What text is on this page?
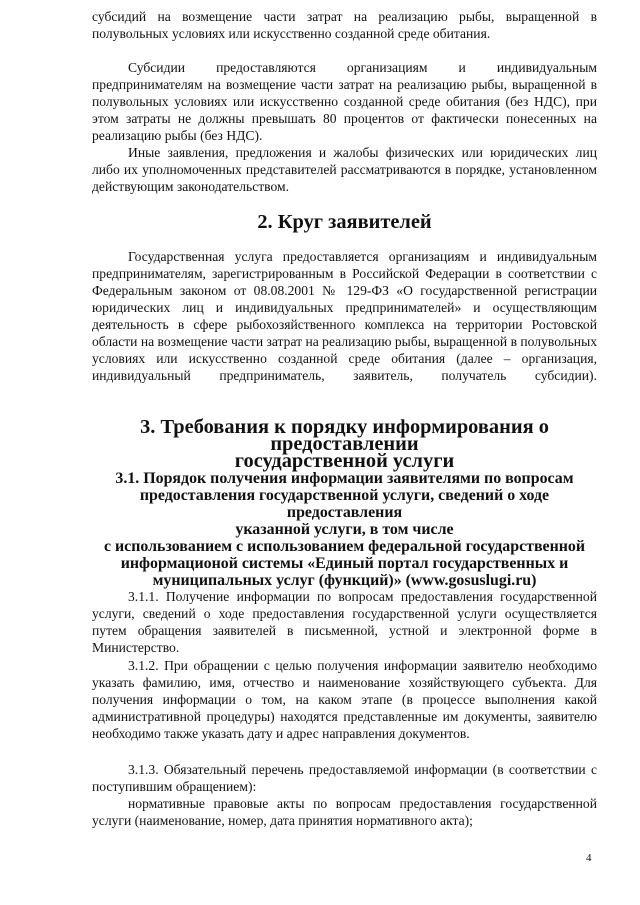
субсидий на возмещение части затрат на реализацию рыбы, выращенной в полувольных условиях или искусственно созданной среде обитания.

Субсидии предоставляются организациям и индивидуальным предпринимателям на возмещение части затрат на реализацию рыбы, выращенной в полувольных условиях или искусственно созданной среде обитания (без НДС), при этом затраты не должны превышать 80 процентов от фактически понесенных на реализацию рыбы (без НДС).

Иные заявления, предложения и жалобы физических или юридических лиц либо их уполномоченных представителей рассматриваются в порядке, установленном действующим законодательством.

2. Круг заявителей

Государственная услуга предоставляется организациям и индивидуальным предпринимателям, зарегистрированным в Российской Федерации в соответствии с Федеральным законом от 08.08.2001 № 129-ФЗ «О государственной регистрации юридических лиц и индивидуальных предпринимателей» и осуществляющим деятельность в сфере рыбохозяйственного комплекса на территории Ростовской области на возмещение части затрат на реализацию рыбы, выращенной в полувольных условиях или искусственно созданной среде обитания (далее – организация, индивидуальный предприниматель, заявитель, получатель субсидии).

3. Требования к порядку информирования о предоставлении
государственной услуги
3.1. Порядок получения информации заявителями по вопросам
предоставления государственной услуги, сведений о ходе предоставления
указанной услуги, в том числе
с использованием с использованием федеральной государственной
информационой системы «Единый портал государственных и
муниципальных услуг (функций)» (www.gosuslugi.ru)

3.1.1. Получение информации по вопросам предоставления государственной услуги, сведений о ходе предоставления государственной услуги осуществляется путем обращения заявителей в письменной, устной и электронной форме в Министерство.

3.1.2. При обращении с целью получения информации заявителю необходимо указать фамилию, имя, отчество и наименование хозяйствующего субъекта. Для получения информации о том, на каком этапе (в процессе выполнения какой административной процедуры) находятся представленные им документы, заявителю необходимо также указать дату и адрес направления документов.

3.1.3. Обязательный перечень предоставляемой информации (в соответствии с поступившим обращением):

нормативные правовые акты по вопросам предоставления государственной услуги (наименование, номер, дата принятия нормативного акта);

4
